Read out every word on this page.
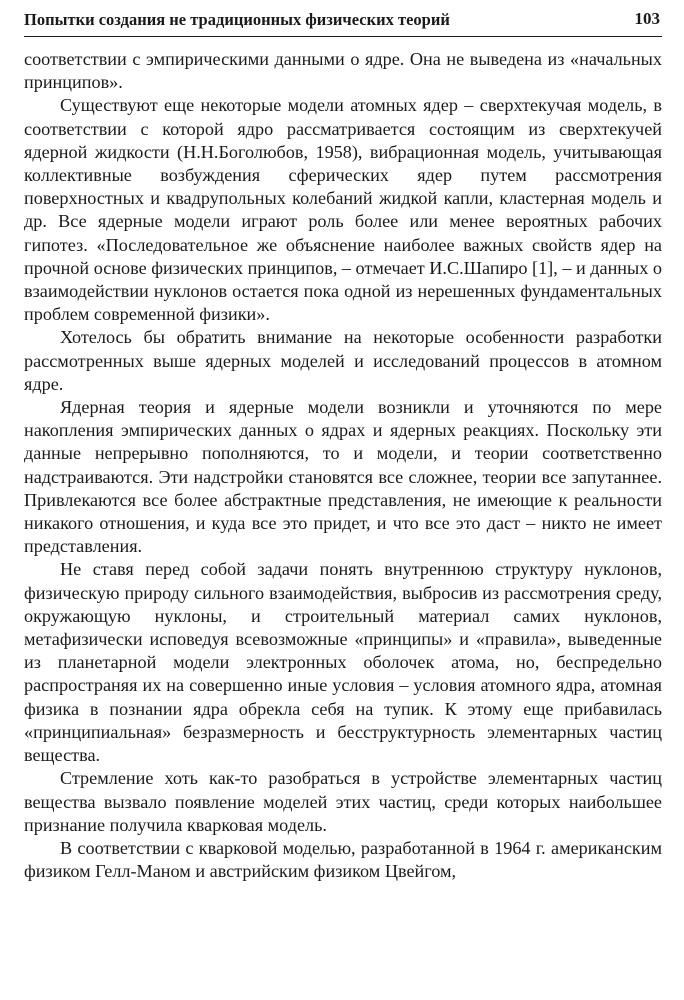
Попытки создания не традиционных физических теорий	103

соответствии с эмпирическими данными о ядре. Она не выведена из «начальных принципов».

Существуют еще некоторые модели атомных ядер – сверхтекучая модель, в соответствии с которой ядро рассматривается состоящим из сверхтекучей ядерной жидкости (Н.Н.Боголюбов, 1958), вибрационная модель, учитывающая коллективные возбуждения сферических ядер путем рассмотрения поверхностных и квадрупольных колебаний жидкой капли, кластерная модель и др. Все ядерные модели играют роль более или менее вероятных рабочих гипотез. «Последовательное же объяснение наиболее важных свойств ядер на прочной основе физических принципов, – отмечает И.С.Шапиро [1], – и данных о взаимодействии нуклонов остается пока одной из нерешенных фундаментальных проблем современной физики».

Хотелось бы обратить внимание на некоторые особенности разработки рассмотренных выше ядерных моделей и исследований процессов в атомном ядре.

Ядерная теория и ядерные модели возникли и уточняются по мере накопления эмпирических данных о ядрах и ядерных реакциях. Поскольку эти данные непрерывно пополняются, то и модели, и теории соответственно надстраиваются. Эти надстройки становятся все сложнее, теории все запутаннее. Привлекаются все более абстрактные представления, не имеющие к реальности никакого отношения, и куда все это придет, и что все это даст – никто не имеет представления.

Не ставя перед собой задачи понять внутреннюю структуру нуклонов, физическую природу сильного взаимодействия, выбросив из рассмотрения среду, окружающую нуклоны, и строительный материал самих нуклонов, метафизически исповедуя всевозможные «принципы» и «правила», выведенные из планетарной модели электронных оболочек атома, но, беспредельно распространяя их на совершенно иные условия – условия атомного ядра, атомная физика в познании ядра обрекла себя на тупик. К этому еще прибавилась «принципиальная» безразмерность и бесструктурность элементарных частиц вещества.

Стремление хоть как-то разобраться в устройстве элементарных частиц вещества вызвало появление моделей этих частиц, среди которых наибольшее признание получила кварковая модель.

В соответствии с кварковой моделью, разработанной в 1964 г. американским физиком Гелл-Маном и австрийским физиком Цвейгом,
